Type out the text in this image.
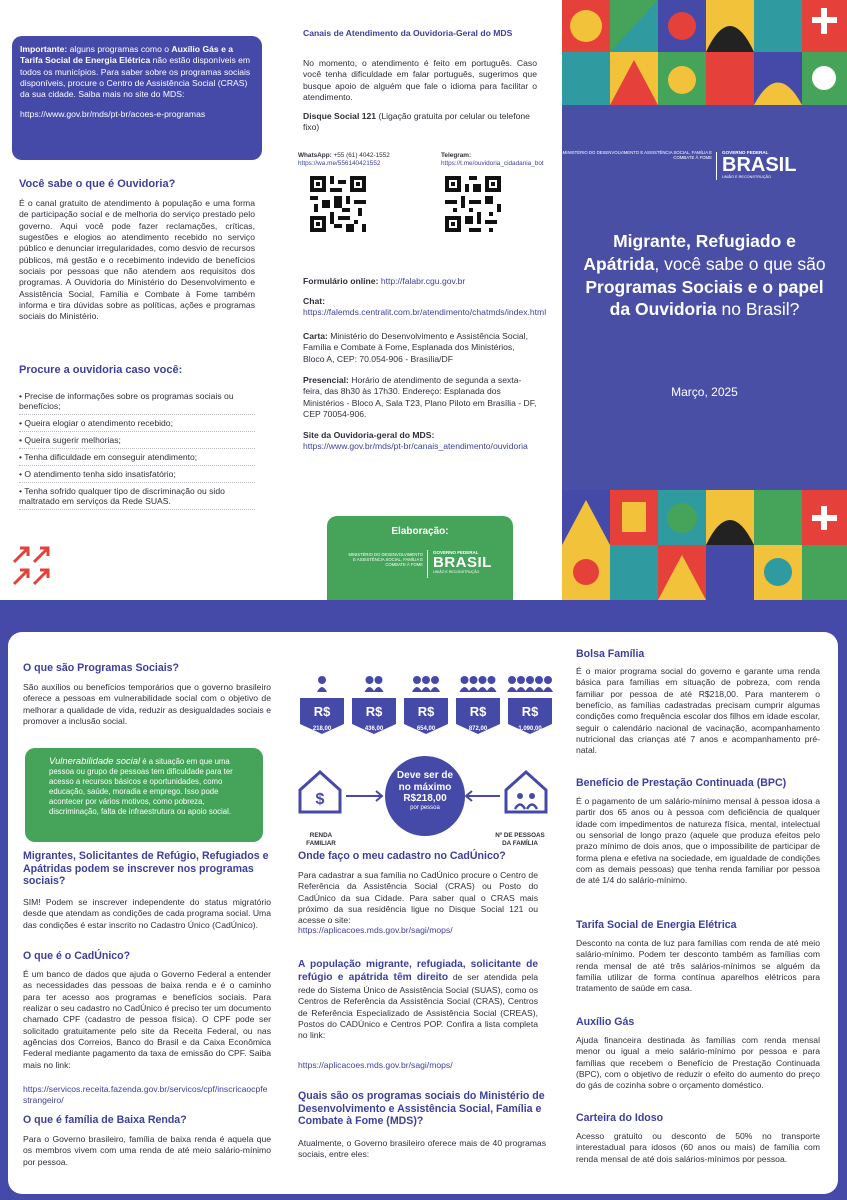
Importante: alguns programas como o Auxílio Gás e a Tarifa Social de Energia Elétrica não estão disponíveis em todos os municípios. Para saber sobre os programas sociais disponíveis, procure o Centro de Assistência Social (CRAS) da sua cidade. Saiba mais no site do MDS:
https://www.gov.br/mds/pt-br/acoes-e-programas
Você sabe o que é Ouvidoria?
É o canal gratuito de atendimento à população e uma forma de participação social e de melhoria do serviço prestado pelo governo. Aqui você pode fazer reclamações, críticas, sugestões e elogios ao atendimento recebido no serviço público e denunciar irregularidades, como desvio de recursos públicos, má gestão e o recebimento indevido de benefícios sociais por pessoas que não atendem aos requisitos dos programas. A Ouvidoria do Ministério do Desenvolvimento e Assistência Social, Família e Combate à Fome também informa e tira dúvidas sobre as políticas, ações e programas sociais do Ministério.
Procure a ouvidoria caso você:
• Precise de informações sobre os programas sociais ou benefícios;
• Queira elogiar o atendimento recebido;
• Queira sugerir melhorias;
• Tenha dificuldade em conseguir atendimento;
• O atendimento tenha sido insatisfatório;
• Tenha sofrido qualquer tipo de discriminação ou sido maltratado em serviços da Rede SUAS.
Canais de Atendimento da Ouvidoria-Geral do MDS
No momento, o atendimento é feito em português. Caso você tenha dificuldade em falar português, sugerimos que busque apoio de alguém que fale o idioma para facilitar o atendimento.
Disque Social 121 (Ligação gratuita por celular ou telefone fixo)
WhatsApp: +55 (61) 4042-1552
https://wa.me/556140421552
Telegram: https://t.me/ouvidoria_cidadania_bot
Formulário online: http://falabr.cgu.gov.br
Chat: https://falemds.centralit.com.br/atendimento/chatmds/index.html
Carta: Ministério do Desenvolvimento e Assistência Social, Família e Combate à Fome, Esplanada dos Ministérios, Bloco A, CEP: 70.054-906 - Brasília/DF
Presencial: Horário de atendimento de segunda a sexta-feira, das 8h30 às 17h30. Endereço: Esplanada dos Ministérios - Bloco A, Sala T23, Plano Piloto em Brasília - DF, CEP 70054-906.
Site da Ouvidoria-geral do MDS:
https://www.gov.br/mds/pt-br/canais_atendimento/ouvidoria
Elaboração:
MINISTÉRIO DO DESENVOLVIMENTO E ASSISTÊNCIA SOCIAL, FAMÍLIA E COMBATE À FOME
GOVERNO FEDERAL
BRASIL
UNIÃO E RECONSTRUÇÃO
MINISTÉRIO DO DESENVOLVIMENTO E ASSISTÊNCIA SOCIAL, FAMÍLIA E COMBATE À FOME
GOVERNO FEDERAL
BRASIL
UNIÃO E RECONSTRUÇÃO
Migrante, Refugiado e Apátrida, você sabe o que são Programas Sociais e o papel da Ouvidoria no Brasil?
Março, 2025
O que são Programas Sociais?
São auxílios ou benefícios temporários que o governo brasileiro oferece a pessoas em vulnerabilidade social com o objetivo de melhorar a qualidade de vida, reduzir as desigualdades sociais e promover a inclusão social.
Vulnerabilidade social é a situação em que uma pessoa ou grupo de pessoas tem dificuldade para ter acesso a recursos básicos e oportunidades, como educação, saúde, moradia e emprego. Isso pode acontecer por vários motivos, como pobreza, discriminação, falta de infraestrutura ou apoio social.
Migrantes, Solicitantes de Refúgio, Refugiados e Apátridas podem se inscrever nos programas sociais?
SIM! Podem se inscrever independente do status migratório desde que atendam as condições de cada programa social. Uma das condições é estar inscrito no Cadastro Único (CadÚnico).
O que é o CadÚnico?
É um banco de dados que ajuda o Governo Federal a entender as necessidades das pessoas de baixa renda e é o caminho para ter acesso aos programas e benefícios sociais. Para realizar o seu cadastro no CadÚnico é preciso ter um documento chamado CPF (cadastro de pessoa física). O CPF pode ser solicitado gratuitamente pelo site da Receita Federal, ou nas agências dos Correios, Banco do Brasil e da Caixa Econômica Federal mediante pagamento da taxa de emissão do CPF. Saiba mais no link:
https://servicos.receita.fazenda.gov.br/servicos/cpf/inscricaocpfestrangeiro/
O que é família de Baixa Renda?
Para o Governo brasileiro, família de baixa renda é aquela que os membros vivem com uma renda de até meio salário-mínimo por pessoa.
R$
218,00
R$
436,00
R$
654,00
R$
872,00
R$
1.090,00
$
Deve ser de
no máximo
R$218,00
por pessoa
RENDA FAMILIAR
Nº DE PESSOAS DA FAMÍLIA
Onde faço o meu cadastro no CadÚnico?
Para cadastrar a sua família no CadÚnico procure o Centro de Referência da Assistência Social (CRAS) ou Posto do CadÚnico da sua Cidade. Para saber qual o CRAS mais próximo da sua residência ligue no Disque Social 121 ou acesse o site:
https://aplicacoes.mds.gov.br/sagi/mops/
A população migrante, refugiada, solicitante de refúgio e apátrida têm direito de ser atendida pela rede do Sistema Único de Assistência Social (SUAS), como os Centros de Referência da Assistência Social (CRAS), Centros de Referência Especializado de Assistência Social (CREAS), Postos do CADÚnico e Centros POP. Confira a lista completa no link:
https://aplicacoes.mds.gov.br/sagi/mops/
Quais são os programas sociais do Ministério de Desenvolvimento e Assistência Social, Família e Combate à Fome (MDS)?
Atualmente, o Governo brasileiro oferece mais de 40 programas sociais, entre eles:
Bolsa Família
É o maior programa social do governo e garante uma renda básica para famílias em situação de pobreza, com renda familiar por pessoa de até R$218,00. Para manterem o benefício, as famílias cadastradas precisam cumprir algumas condições como frequência escolar dos filhos em idade escolar, seguir o calendário nacional de vacinação, acompanhamento nutricional das crianças até 7 anos e acompanhamento pré-natal.
Benefício de Prestação Continuada (BPC)
É o pagamento de um salário-mínimo mensal à pessoa idosa a partir dos 65 anos ou à pessoa com deficiência de qualquer idade com impedimentos de natureza física, mental, intelectual ou sensorial de longo prazo (aquele que produza efeitos pelo prazo mínimo de dois anos, que o impossibilite de participar de forma plena e efetiva na sociedade, em igualdade de condições com as demais pessoas) que tenha renda familiar por pessoa de até 1/4 do salário-mínimo.
Tarifa Social de Energia Elétrica
Desconto na conta de luz para famílias com renda de até meio salário-mínimo. Podem ter desconto também as famílias com renda mensal de até três salários-mínimos se alguém da família utilizar de forma contínua aparelhos elétricos para tratamento de saúde em casa.
Auxílio Gás
Ajuda financeira destinada às famílias com renda mensal menor ou igual a meio salário-mínimo por pessoa e para famílias que recebem o Benefício de Prestação Continuada (BPC), com o objetivo de reduzir o efeito do aumento do preço do gás de cozinha sobre o orçamento doméstico.
Carteira do Idoso
Acesso gratuito ou desconto de 50% no transporte interestadual para idosos (60 anos ou mais) de família com renda mensal de até dois salários-mínimos por pessoa.
